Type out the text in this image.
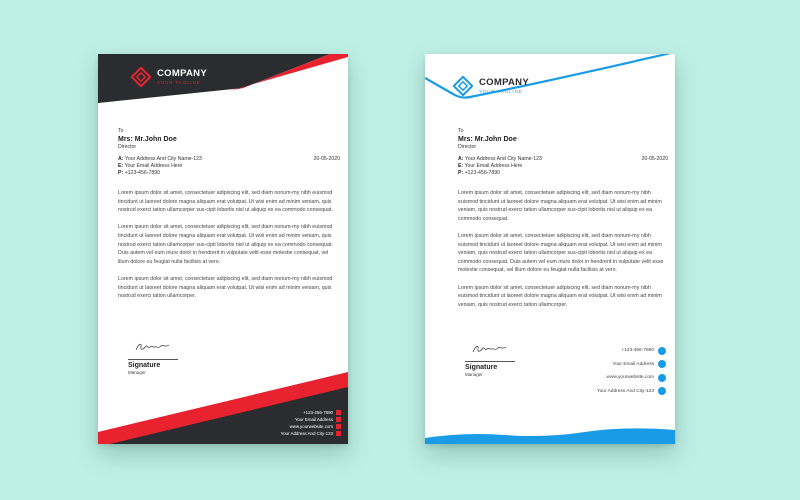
COMPANY
YOUR TAGLINE
To
Mrs: Mr.John Doe
Director
A: Your Address And City Name-123	20-05-2020
E: Your Email Address Here
P: +123-456-7890

Lorem ipsum dolor sit amet, consectetuer adipiscing elit, sed diam nonum-my nibh euismod tincidunt ut laoreet dolore magna aliquam erat volutpat. Ut wisi enim ad minim veniam, quis nostrud exerci tation ullamcorper sus-cipit lobortis nisl ut aliquip ex ea commodo consequat.

Lorem ipsum dolor sit amet, consectetuer adipiscing elit, sed diam nonum-my nibh euismod tincidunt ut laoreet dolore magna aliquam erat volutpat. Ut wisi enim ad minim veniam, quis nostrud exerci tation ullamcorper sus-cipit lobortis nisl ut aliquip ex ea commodo consequat. Duis autem vel eum iriure dolor in hendrerit in vulputate velit esse molestie consequat, vel illum dolore eu feugiat nulla facilisis at vero.

Lorem ipsum dolor sit amet, consectetuer adipiscing elit, sed diam nonum-my nibh euismod tincidunt ut laoreet dolore magna aliquam erat volutpat. Ut wisi enim ad minim veniam, quis nostrud exerci tation ullamcorper.

Signature
Signature
Manager
+123-456-7890
Your Email Address
www.yourwebsite.com
Your Address And City-123
COMPANY
YOUR TAGLINE
To
Mrs: Mr.John Doe
Director
A: Your Address And City Name-123	20-05-2020
E: Your Email Address Here
P: +123-456-7890

Lorem ipsum dolor sit amet, consectetuer adipiscing elit, sed diam nonum-my nibh euismod tincidunt ut laoreet dolore magna aliquam erat volutpat. Ut wisi enim ad minim veniam, quis nostrud exerci tation ullamcorper sus-cipit lobortis nisl ut aliquip ex ea commodo consequat.

Lorem ipsum dolor sit amet, consectetuer adipiscing elit, sed diam nonum-my nibh euismod tincidunt ut laoreet dolore magna aliquam erat volutpat. Ut wisi enim ad minim veniam, quis nostrud exerci tation ullamcorper sus-cipit lobortis nisl ut aliquip ex ea commodo consequat. Duis autem vel eum iriure dolor in hendrerit in vulputate velit esse molestie consequat, vel illum dolore eu feugiat nulla facilisis at vero.

Lorem ipsum dolor sit amet, consectetuer adipiscing elit, sed diam nonum-my nibh euismod tincidunt ut laoreet dolore magna aliquam erat volutpat. Ut wisi enim ad minim veniam, quis nostrud exerci tation ullamcorper.

Signature
Signature
Manager
+123-456-7890
Your Email Address
www.yourwebsite.com
Your Address And City-123
